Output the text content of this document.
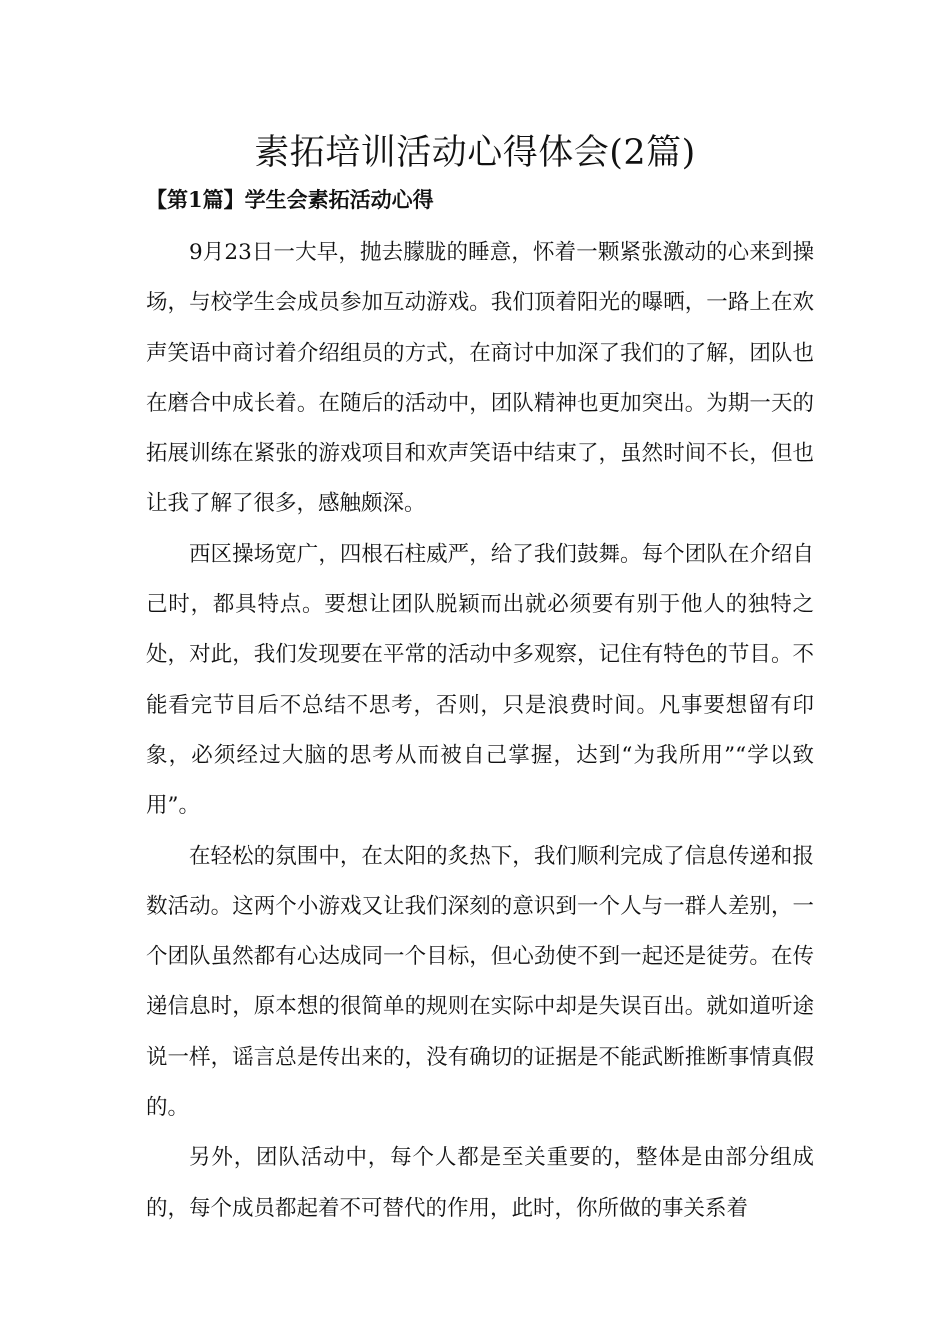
素拓培训活动心得体会(2篇)
【第1篇】学生会素拓活动心得

9月23日一大早，抛去朦胧的睡意，怀着一颗紧张激动的心来到操场，与校学生会成员参加互动游戏。我们顶着阳光的曝晒，一路上在欢声笑语中商讨着介绍组员的方式，在商讨中加深了我们的了解，团队也在磨合中成长着。在随后的活动中，团队精神也更加突出。为期一天的拓展训练在紧张的游戏项目和欢声笑语中结束了，虽然时间不长，但也让我了解了很多，感触颇深。

西区操场宽广，四根石柱威严，给了我们鼓舞。每个团队在介绍自己时，都具特点。要想让团队脱颖而出就必须要有别于他人的独特之处，对此，我们发现要在平常的活动中多观察，记住有特色的节目。不能看完节目后不总结不思考，否则，只是浪费时间。凡事要想留有印象，必须经过大脑的思考从而被自己掌握，达到“为我所用”“学以致用”。

在轻松的氛围中，在太阳的炙热下，我们顺利完成了信息传递和报数活动。这两个小游戏又让我们深刻的意识到一个人与一群人差别，一个团队虽然都有心达成同一个目标，但心劲使不到一起还是徒劳。在传递信息时，原本想的很简单的规则在实际中却是失误百出。就如道听途说一样，谣言总是传出来的，没有确切的证据是不能武断推断事情真假的。

另外，团队活动中，每个人都是至关重要的，整体是由部分组成的，每个成员都起着不可替代的作用，此时，你所做的事关系着
